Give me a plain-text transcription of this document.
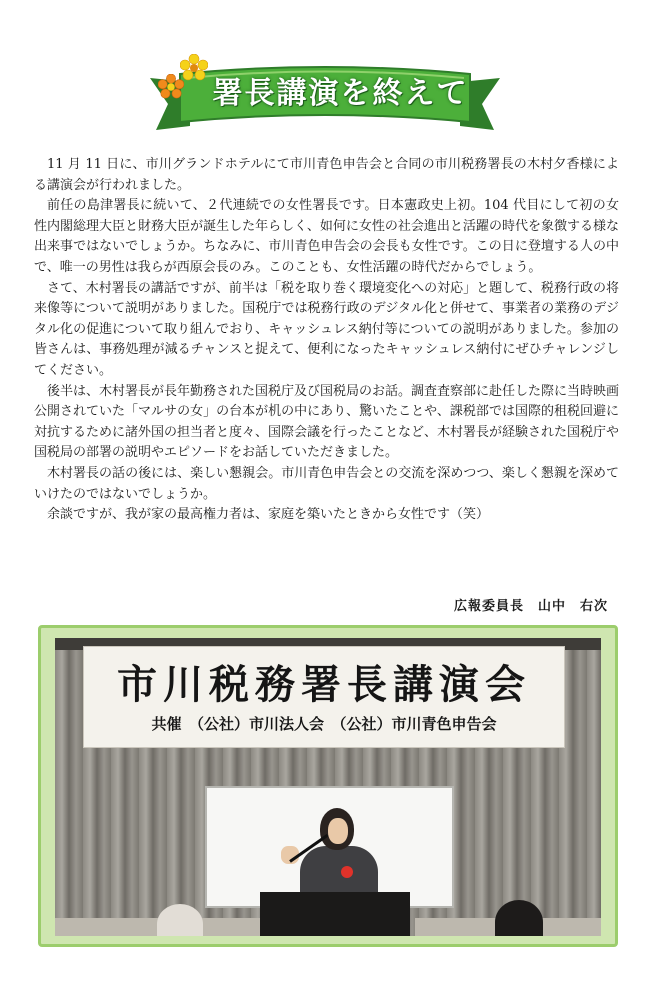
署長講演を終えて

11 月 11 日に、市川グランドホテルにて市川青色申告会と合同の市川税務署長の木村夕香様による講演会が行われました。

前任の島津署長に続いて、２代連続での女性署長です。日本憲政史上初。104 代目にして初の女性内閣総理大臣と財務大臣が誕生した年らしく、如何に女性の社会進出と活躍の時代を象徴する様な出来事ではないでしょうか。ちなみに、市川青色申告会の会長も女性です。この日に登壇する人の中で、唯一の男性は我らが西原会長のみ。このことも、女性活躍の時代だからでしょう。

さて、木村署長の講話ですが、前半は「税を取り巻く環境変化への対応」と題して、税務行政の将来像等について説明がありました。国税庁では税務行政のデジタル化と併せて、事業者の業務のデジタル化の促進について取り組んでおり、キャッシュレス納付等についての説明がありました。参加の皆さんは、事務処理が減るチャンスと捉えて、便利になったキャッシュレス納付にぜひチャレンジしてください。

後半は、木村署長が長年勤務された国税庁及び国税局のお話。調査査察部に赴任した際に当時映画公開されていた「マルサの女」の台本が机の中にあり、驚いたことや、課税部では国際的租税回避に対抗するために諸外国の担当者と度々、国際会議を行ったことなど、木村署長が経験された国税庁や国税局の部署の説明やエピソードをお話していただきました。

木村署長の話の後には、楽しい懇親会。市川青色申告会との交流を深めつつ、楽しく懇親を深めていけたのではないでしょうか。

余談ですが、我が家の最高権力者は、家庭を築いたときから女性です（笑）

広報委員長　山中　右次
市川税務署長講演会
共催　（公社）市川法人会　（公社）市川青色申告会
